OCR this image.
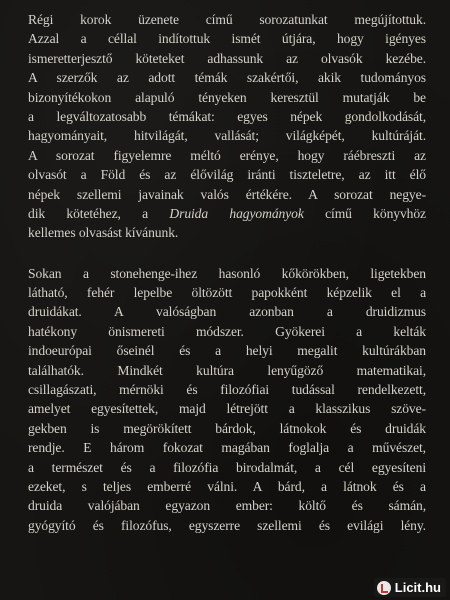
Régi korok üzenete című sorozatunkat megújítottuk.
Azzal a céllal indítottuk ismét útjára, hogy igényes
ismeretterjesztő köteteket adhassunk az olvasók kezébe.
A szerzők az adott témák szakértői, akik tudományos
bizonyítékokon alapuló tényeken keresztül mutatják be
a legváltozatosabb témákat: egyes népek gondolkodását,
hagyományait, hitvilágát, vallását; világképét, kultúráját.
A sorozat figyelemre méltó erénye, hogy ráébreszti az
olvasót a Föld és az élővilág iránti tiszteletre, az itt élő
népek szellemi javainak valós értékére. A sorozat negye-
dik kötetéhez, a Druida hagyományok című könyvhöz
kellemes olvasást kívánunk.
Sokan a stonehenge-ihez hasonló kőkörökben, ligetekben
látható, fehér lepelbe öltözött papokként képzelik el a
druidákat. A valóságban azonban a druidizmus
hatékony önismereti módszer. Gyökerei a kelták
indoeurópai őseinél és a helyi megalit kultúrákban
találhatók. Mindkét kultúra lenyűgöző matematikai,
csillagászati, mérnöki és filozófiai tudással rendelkezett,
amelyet egyesítettek, majd létrejött a klasszikus szöve-
gekben is megörökített bárdok, látnokok és druidák
rendje. E három fokozat magában foglalja a művészet,
a természet és a filozófia birodalmát, a cél egyesíteni
ezeket, s teljes emberré válni. A bárd, a látnok és a
druida valójában egyazon ember: költő és sámán,
gyógyító és filozófus, egyszerre szellemi és evilági lény.
Licit.hu
